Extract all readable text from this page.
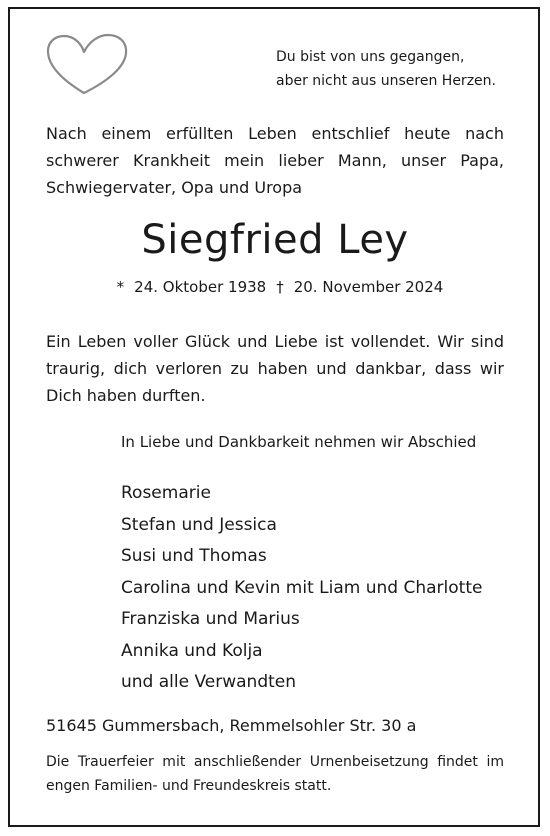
Du bist von uns gegangen,
aber nicht aus unseren Herzen.
Nach einem erfüllten Leben entschlief heute nach schwerer Krankheit mein lieber Mann, unser Papa, Schwiegervater, Opa und Uropa
Siegfried Ley
* 24. Oktober 1938 † 20. November 2024
Ein Leben voller Glück und Liebe ist vollendet. Wir sind traurig, dich verloren zu haben und dankbar, dass wir Dich haben durften.
In Liebe und Dankbarkeit nehmen wir Abschied
Rosemarie
Stefan und Jessica
Susi und Thomas
Carolina und Kevin mit Liam und Charlotte
Franziska und Marius
Annika und Kolja
und alle Verwandten
51645 Gummersbach, Remmelsohler Str. 30 a
Die Trauerfeier mit anschließender Urnenbeisetzung findet im engen Familien- und Freundeskreis statt.
